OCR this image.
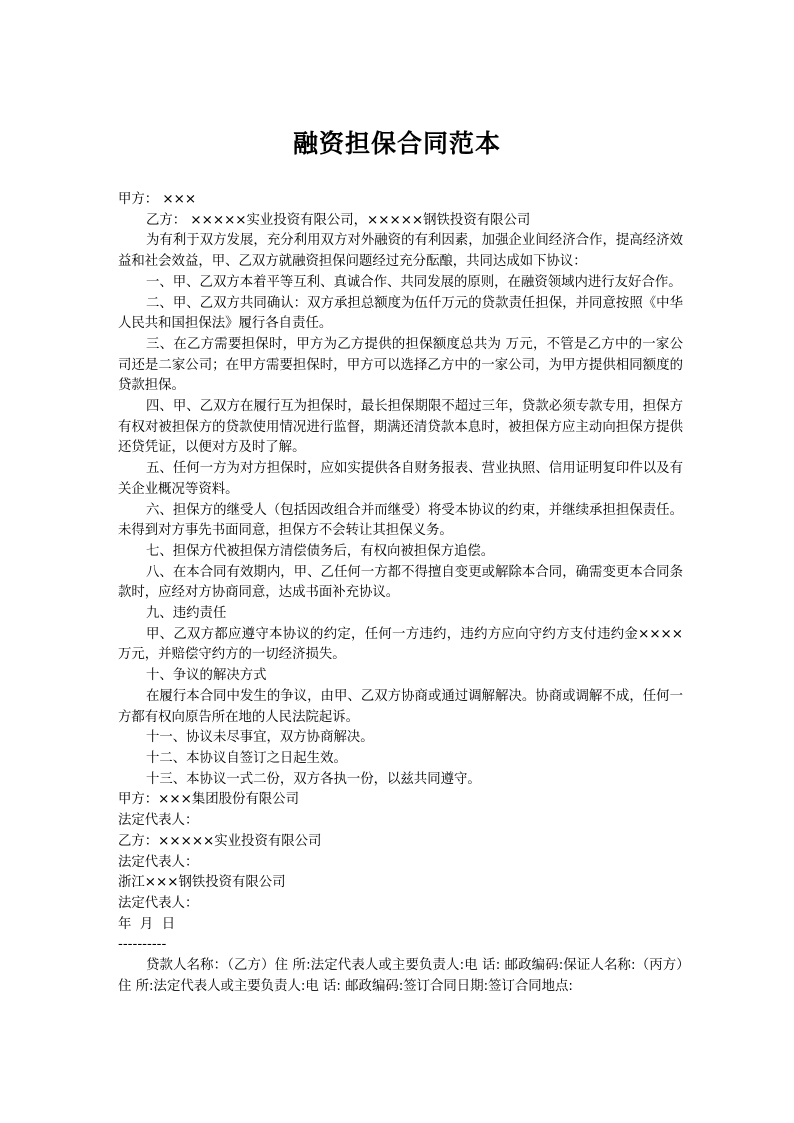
融资担保合同范本

甲方： ×××

乙方： ×××××实业投资有限公司，×××××钢铁投资有限公司

为有利于双方发展，充分利用双方对外融资的有利因素，加强企业间经济合作，提高经济效益和社会效益，甲、乙双方就融资担保问题经过充分酝酿，共同达成如下协议：

一、甲、乙双方本着平等互利、真诚合作、共同发展的原则，在融资领域内进行友好合作。

二、甲、乙双方共同确认：双方承担总额度为伍仟万元的贷款责任担保，并同意按照《中华人民共和国担保法》履行各自责任。

三、在乙方需要担保时，甲方为乙方提供的担保额度总共为 万元，不管是乙方中的一家公司还是二家公司；在甲方需要担保时，甲方可以选择乙方中的一家公司，为甲方提供相同额度的贷款担保。

四、甲、乙双方在履行互为担保时，最长担保期限不超过三年，贷款必须专款专用，担保方有权对被担保方的贷款使用情况进行监督，期满还清贷款本息时，被担保方应主动向担保方提供还贷凭证，以便对方及时了解。

五、任何一方为对方担保时，应如实提供各自财务报表、营业执照、信用证明复印件以及有关企业概况等资料。

六、担保方的继受人（包括因改组合并而继受）将受本协议的约束，并继续承担担保责任。未得到对方事先书面同意，担保方不会转让其担保义务。

七、担保方代被担保方清偿债务后，有权向被担保方追偿。

八、在本合同有效期内，甲、乙任何一方都不得擅自变更或解除本合同，确需变更本合同条款时，应经对方协商同意，达成书面补充协议。

九、违约责任

甲、乙双方都应遵守本协议的约定，任何一方违约，违约方应向守约方支付违约金××××万元，并赔偿守约方的一切经济损失。

十、争议的解决方式

在履行本合同中发生的争议，由甲、乙双方协商或通过调解解决。协商或调解不成，任何一方都有权向原告所在地的人民法院起诉。

十一、协议未尽事宜，双方协商解决。

十二、本协议自签订之日起生效。

十三、本协议一式二份，双方各执一份，以兹共同遵守。

甲方：×××集团股份有限公司

法定代表人：

乙方：×××××实业投资有限公司

法定代表人：

浙江×××钢铁投资有限公司

法定代表人：

年  月  日

----------

贷款人名称：（乙方）住 所:法定代表人或主要负责人:电 话: 邮政编码:保证人名称:（丙方）住 所:法定代表人或主要负责人:电 话: 邮政编码:签订合同日期:签订合同地点:
